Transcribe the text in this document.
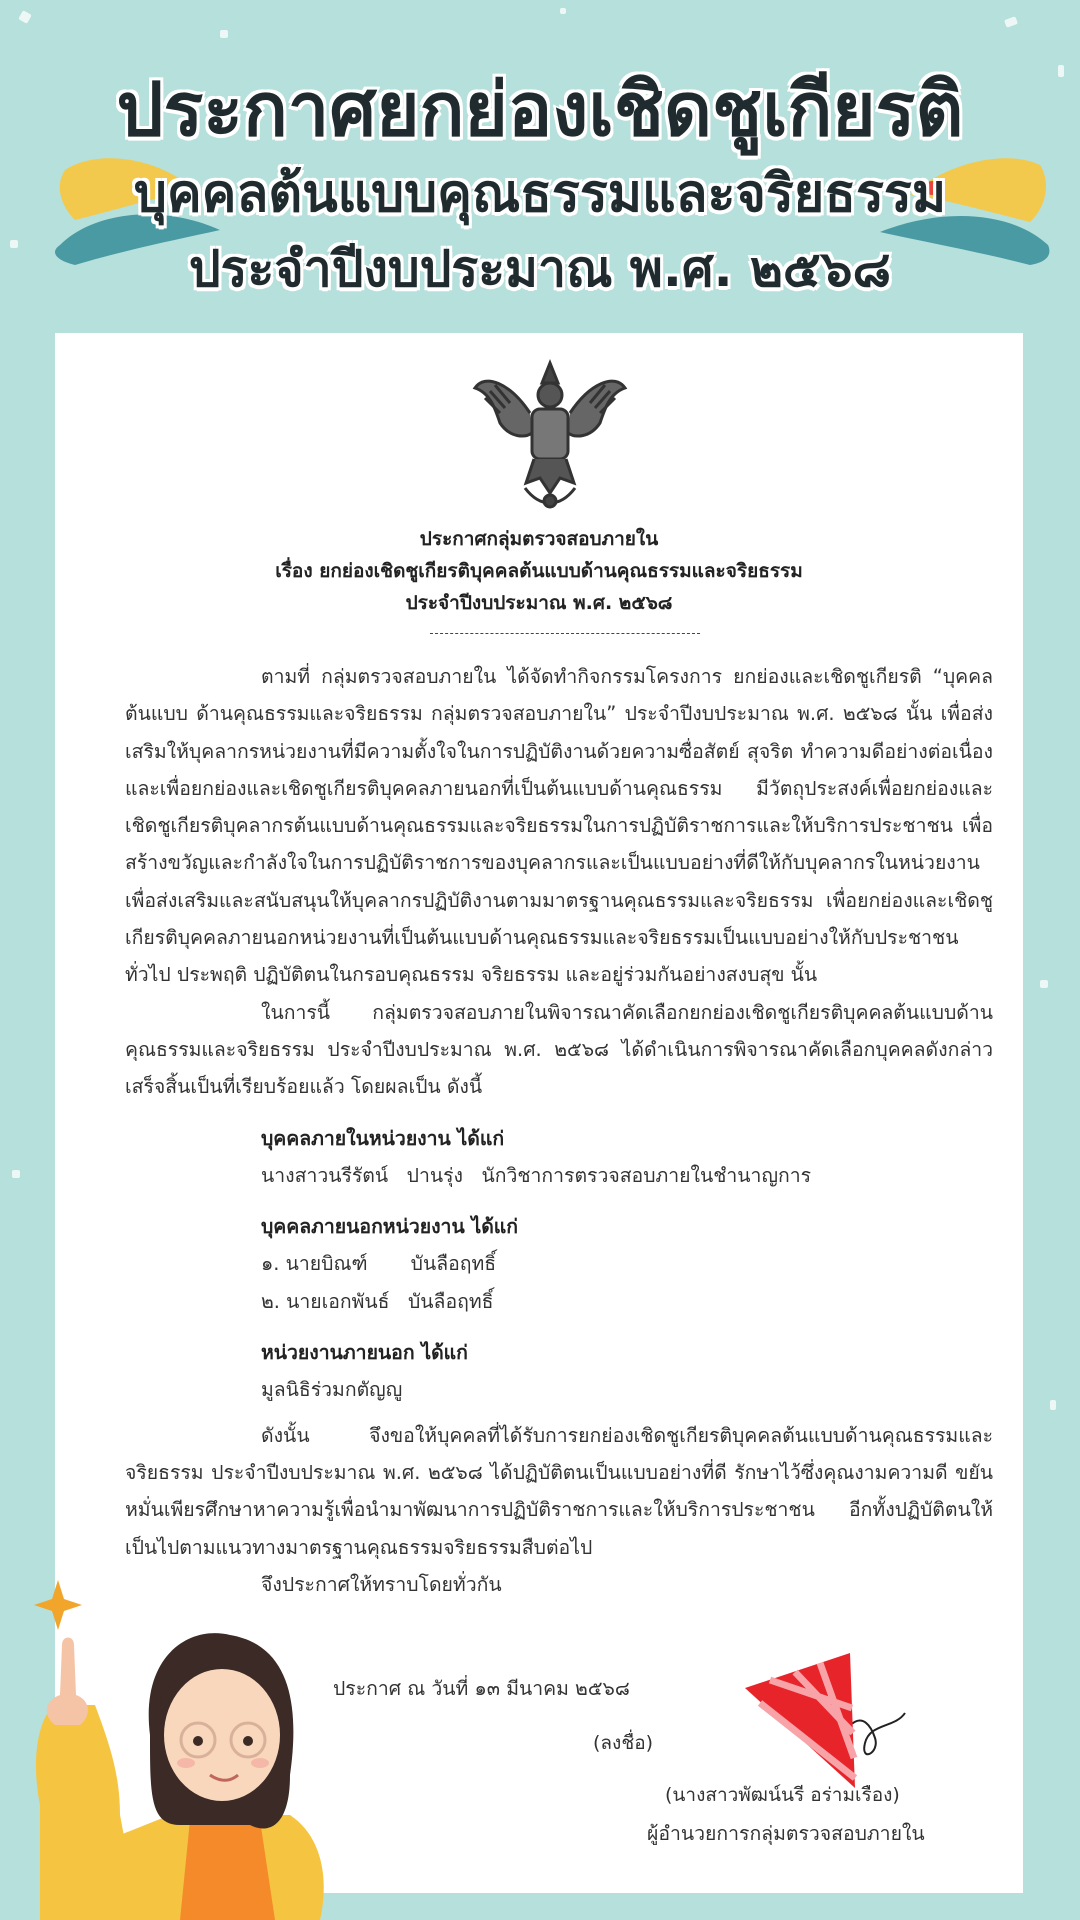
ประกาศยกย่องเชิดชูเกียรติ
บุคคลต้นแบบคุณธรรมและจริยธรรม
ประจำปีงบประมาณ พ.ศ. ๒๕๖๘
ประกาศกลุ่มตรวจสอบภายใน
เรื่อง ยกย่องเชิดชูเกียรติบุคคลต้นแบบด้านคุณธรรมและจริยธรรม
ประจำปีงบประมาณ พ.ศ. ๒๕๖๘

ตามที่ กลุ่มตรวจสอบภายใน ได้จัดทำกิจกรรมโครงการ ยกย่องและเชิดชูเกียรติ “บุคคลต้นแบบ ด้านคุณธรรมและจริยธรรม กลุ่มตรวจสอบภายใน” ประจำปีงบประมาณ พ.ศ. ๒๕๖๘ นั้น เพื่อส่งเสริมให้บุคลากรหน่วยงานที่มีความตั้งใจในการปฏิบัติงานด้วยความซื่อสัตย์ สุจริต ทำความดีอย่างต่อเนื่องและเพื่อยกย่องและเชิดชูเกียรติบุคคลภายนอกที่เป็นต้นแบบด้านคุณธรรม มีวัตถุประสงค์เพื่อยกย่องและเชิดชูเกียรติบุคลากรต้นแบบด้านคุณธรรมและจริยธรรมในการปฏิบัติราชการและให้บริการประชาชน เพื่อสร้างขวัญและกำลังใจในการปฏิบัติราชการของบุคลากรและเป็นแบบอย่างที่ดีให้กับบุคลากรในหน่วยงาน เพื่อส่งเสริมและสนับสนุนให้บุคลากรปฏิบัติงานตามมาตรฐานคุณธรรมและจริยธรรม เพื่อยกย่องและเชิดชูเกียรติบุคคลภายนอกหน่วยงานที่เป็นต้นแบบด้านคุณธรรมและจริยธรรมเป็นแบบอย่างให้กับประชาชนทั่วไป ประพฤติ ปฏิบัติตนในกรอบคุณธรรม จริยธรรม และอยู่ร่วมกันอย่างสงบสุข นั้น

ในการนี้ กลุ่มตรวจสอบภายในพิจารณาคัดเลือกยกย่องเชิดชูเกียรติบุคคลต้นแบบด้านคุณธรรมและจริยธรรม ประจำปีงบประมาณ พ.ศ. ๒๕๖๘ ได้ดำเนินการพิจารณาคัดเลือกบุคคลดังกล่าวเสร็จสิ้นเป็นที่เรียบร้อยแล้ว โดยผลเป็น ดังนี้

บุคคลภายในหน่วยงาน ได้แก่
นางสาวนรีรัตน์   ปานรุ่ง   นักวิชาการตรวจสอบภายในชำนาญการ
บุคคลภายนอกหน่วยงาน ได้แก่
๑. นายบิณฑ์       บันลือฤทธิ์
๒. นายเอกพันธ์   บันลือฤทธิ์
หน่วยงานภายนอก ได้แก่
มูลนิธิร่วมกตัญญู

ดังนั้น จึงขอให้บุคคลที่ได้รับการยกย่องเชิดชูเกียรติบุคคลต้นแบบด้านคุณธรรมและจริยธรรม ประจำปีงบประมาณ พ.ศ. ๒๕๖๘ ได้ปฏิบัติตนเป็นแบบอย่างที่ดี รักษาไว้ซึ่งคุณงามความดี ขยันหมั่นเพียรศึกษาหาความรู้เพื่อนำมาพัฒนาการปฏิบัติราชการและให้บริการประชาชน อีกทั้งปฏิบัติตนให้เป็นไปตามแนวทางมาตรฐานคุณธรรมจริยธรรมสืบต่อไป

จึงประกาศให้ทราบโดยทั่วกัน

ประกาศ ณ วันที่ ๑๓ มีนาคม ๒๕๖๘
(ลงชื่อ)
(นางสาวพัฒน์นรี อร่ามเรือง)
ผู้อำนวยการกลุ่มตรวจสอบภายใน
